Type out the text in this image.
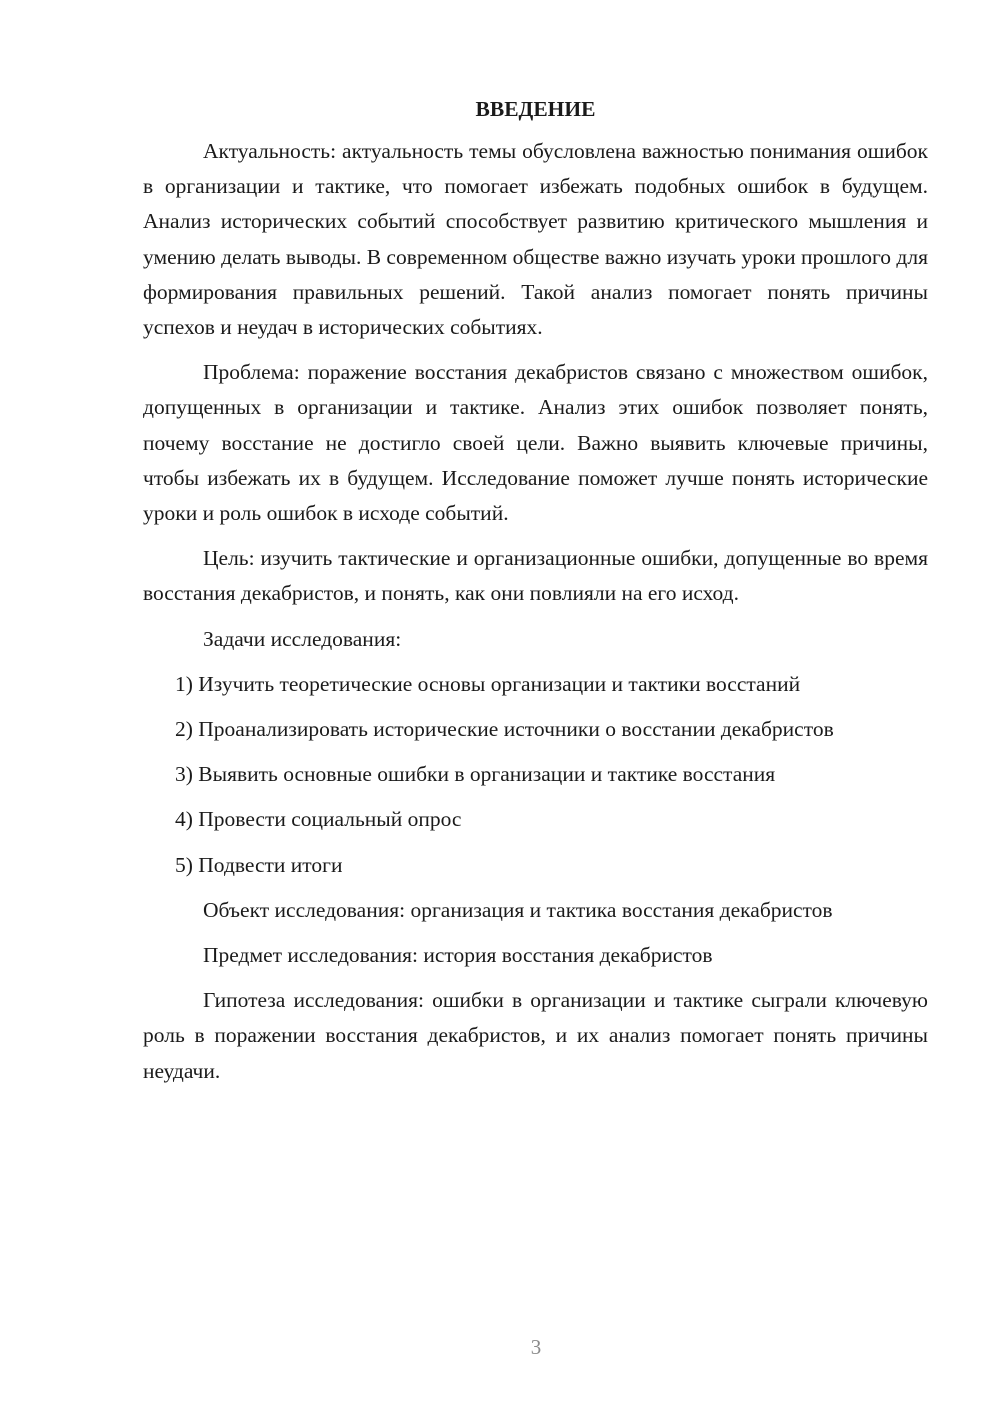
ВВЕДЕНИЕ

Актуальность: актуальность темы обусловлена важностью понимания ошибок в организации и тактике, что помогает избежать подобных ошибок в будущем. Анализ исторических событий способствует развитию критического мышления и умению делать выводы. В современном обществе важно изучать уроки прошлого для формирования правильных решений. Такой анализ помогает понять причины успехов и неудач в исторических событиях.

Проблема: поражение восстания декабристов связано с множеством ошибок, допущенных в организации и тактике. Анализ этих ошибок позволяет понять, почему восстание не достигло своей цели. Важно выявить ключевые причины, чтобы избежать их в будущем. Исследование поможет лучше понять исторические уроки и роль ошибок в исходе событий.

Цель: изучить тактические и организационные ошибки, допущенные во время восстания декабристов, и понять, как они повлияли на его исход.

Задачи исследования:

1) Изучить теоретические основы организации и тактики восстаний

2) Проанализировать исторические источники о восстании декабристов

3) Выявить основные ошибки в организации и тактике восстания

4) Провести социальный опрос

5) Подвести итоги

Объект исследования: организация и тактика восстания декабристов

Предмет исследования: история восстания декабристов

Гипотеза исследования: ошибки в организации и тактике сыграли ключевую роль в поражении восстания декабристов, и их анализ помогает понять причины неудачи.

3
